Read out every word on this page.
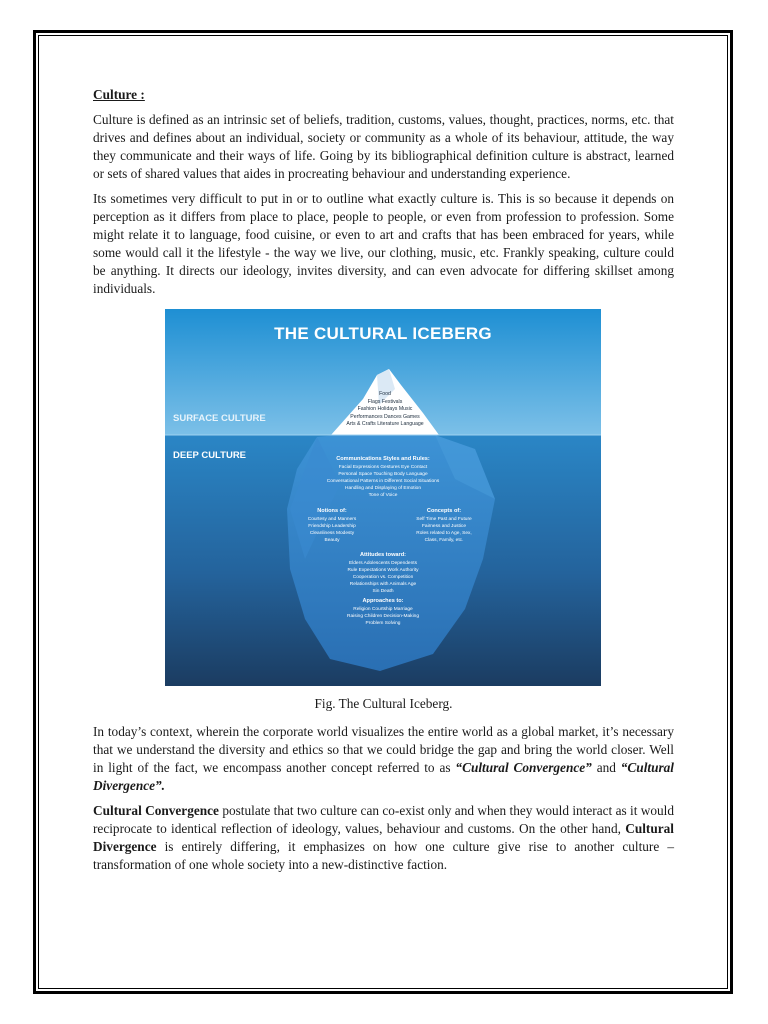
Culture :

Culture is defined as an intrinsic set of beliefs, tradition, customs, values, thought, practices, norms, etc. that drives and defines about an individual, society or community as a whole of its behaviour, attitude, the way they communicate and their ways of life. Going by its bibliographical definition culture is abstract, learned or sets of shared values that aides in procreating behaviour and understanding experience.

Its sometimes very difficult to put in or to outline what exactly culture is. This is so because it depends on perception as it differs from place to place, people to people, or even from profession to profession. Some might relate it to language, food cuisine, or even to art and crafts that has been embraced for years, while some would call it the lifestyle - the way we live, our clothing, music, etc. Frankly speaking, culture could be anything. It directs our ideology, invites diversity, and can even advocate for differing skillset among individuals.

THE CULTURAL ICEBERG
SURFACE CULTURE
DEEP CULTURE
Food
Flags Festivals
Fashion Holidays Music
Performances Dances Games
Arts & Crafts Literature Language
Communications Styles and Rules:
Facial Expressions Gestures Eye Contact
Personal Space Touching Body Language
Conversational Patterns in Different Social Situations
Handling and Displaying of Emotion
Tone of Voice
Notions of:
Courtesy and Manners
Friendship Leadership
Cleanliness Modesty
Beauty
Concepts of:
Self Time Past and Future
Fairness and Justice
Roles related to Age, Sex,
Class, Family, etc.
Attitudes toward:
Elders Adolescents Dependents
Rule Expectations Work Authority
Cooperation vs. Competition
Relationships with Animals Age
Sin Death
Approaches to:
Religion Courtship Marriage
Raising Children Decision-Making
Problem Solving
Fig. The Cultural Iceberg.

In today’s context, wherein the corporate world visualizes the entire world as a global market, it’s necessary that we understand the diversity and ethics so that we could bridge the gap and bring the world closer. Well in light of the fact, we encompass another concept referred to as “Cultural Convergence” and “Cultural Divergence”.

Cultural Convergence postulate that two culture can co-exist only and when they would interact as it would reciprocate to identical reflection of ideology, values, behaviour and customs. On the other hand, Cultural Divergence is entirely differing, it emphasizes on how one culture give rise to another culture – transformation of one whole society into a new-distinctive faction.
